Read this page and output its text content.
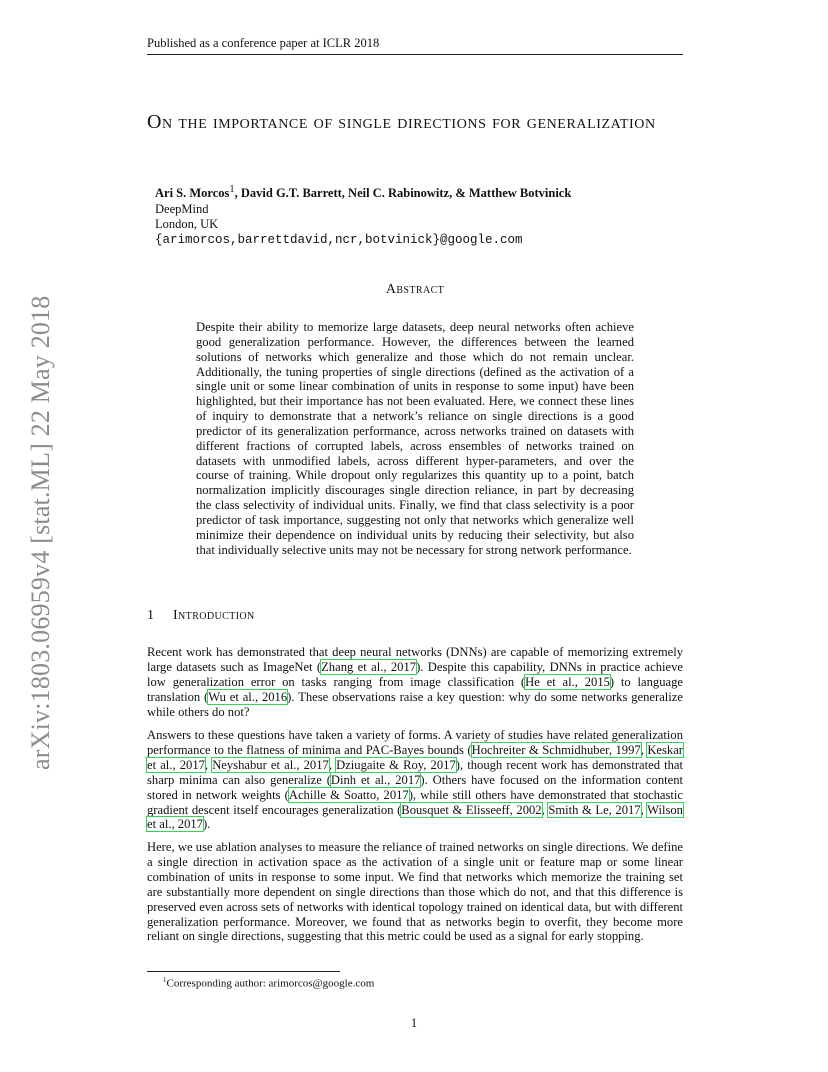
arXiv:1803.06959v4 [stat.ML] 22 May 2018
Published as a conference paper at ICLR 2018
On the importance of single directions for generalization
Ari S. Morcos$^1$, David G.T. Barrett, Neil C. Rabinowitz, & Matthew Botvinick
DeepMind
London, UK
{arimorcos,barrettdavid,ncr,botvinick}@google.com
Abstract

Despite their ability to memorize large datasets, deep neural networks often achieve good generalization performance. However, the differences between the learned solutions of networks which generalize and those which do not remain unclear. Additionally, the tuning properties of single directions (defined as the activation of a single unit or some linear combination of units in response to some input) have been highlighted, but their importance has not been evaluated. Here, we connect these lines of inquiry to demonstrate that a network’s reliance on single directions is a good predictor of its generalization performance, across networks trained on datasets with different fractions of corrupted labels, across ensembles of networks trained on datasets with unmodified labels, across different hyper-parameters, and over the course of training. While dropout only regularizes this quantity up to a point, batch normalization implicitly discourages single direction reliance, in part by decreasing the class selectivity of individual units. Finally, we find that class selectivity is a poor predictor of task importance, suggesting not only that networks which generalize well minimize their dependence on individual units by reducing their selectivity, but also that individually selective units may not be necessary for strong network performance.

1 Introduction

Recent work has demonstrated that deep neural networks (DNNs) are capable of memorizing extremely large datasets such as ImageNet (Zhang et al., 2017). Despite this capability, DNNs in practice achieve low generalization error on tasks ranging from image classification (He et al., 2015) to language translation (Wu et al., 2016). These observations raise a key question: why do some networks generalize while others do not?

Answers to these questions have taken a variety of forms. A variety of studies have related generalization performance to the flatness of minima and PAC-Bayes bounds (Hochreiter & Schmidhuber, 1997, Keskar et al., 2017, Neyshabur et al., 2017, Dziugaite & Roy, 2017), though recent work has demonstrated that sharp minima can also generalize (Dinh et al., 2017). Others have focused on the information content stored in network weights (Achille & Soatto, 2017), while still others have demonstrated that stochastic gradient descent itself encourages generalization (Bousquet & Elisseeff, 2002, Smith & Le, 2017, Wilson et al., 2017).

Here, we use ablation analyses to measure the reliance of trained networks on single directions. We define a single direction in activation space as the activation of a single unit or feature map or some linear combination of units in response to some input. We find that networks which memorize the training set are substantially more dependent on single directions than those which do not, and that this difference is preserved even across sets of networks with identical topology trained on identical data, but with different generalization performance. Moreover, we found that as networks begin to overfit, they become more reliant on single directions, suggesting that this metric could be used as a signal for early stopping.

$^1$Corresponding author: arimorcos@google.com
1
